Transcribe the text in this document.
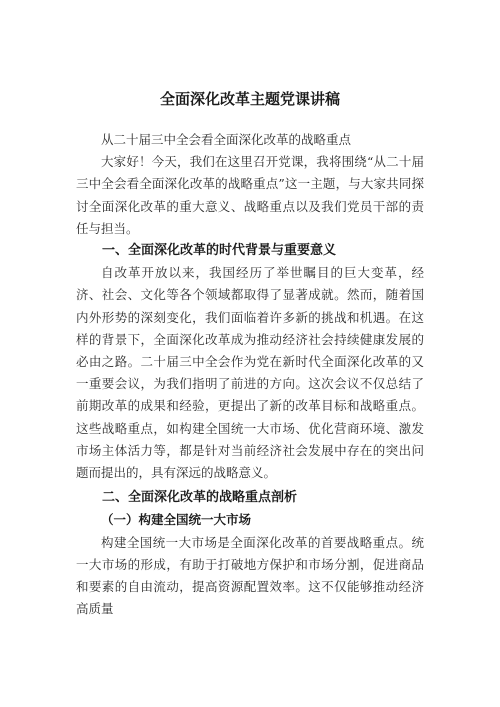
全面深化改革主题党课讲稿

从二十届三中全会看全面深化改革的战略重点

大家好！今天，我们在这里召开党课，我将围绕“从二十届三中全会看全面深化改革的战略重点”这一主题，与大家共同探讨全面深化改革的重大意义、战略重点以及我们党员干部的责任与担当。

一、全面深化改革的时代背景与重要意义

自改革开放以来，我国经历了举世瞩目的巨大变革，经济、社会、文化等各个领域都取得了显著成就。然而，随着国内外形势的深刻变化，我们面临着许多新的挑战和机遇。在这样的背景下，全面深化改革成为推动经济社会持续健康发展的必由之路。二十届三中全会作为党在新时代全面深化改革的又一重要会议，为我们指明了前进的方向。这次会议不仅总结了前期改革的成果和经验，更提出了新的改革目标和战略重点。这些战略重点，如构建全国统一大市场、优化营商环境、激发市场主体活力等，都是针对当前经济社会发展中存在的突出问题而提出的，具有深远的战略意义。

二、全面深化改革的战略重点剖析

（一）构建全国统一大市场

构建全国统一大市场是全面深化改革的首要战略重点。统一大市场的形成，有助于打破地方保护和市场分割，促进商品和要素的自由流动，提高资源配置效率。这不仅能够推动经济高质量
